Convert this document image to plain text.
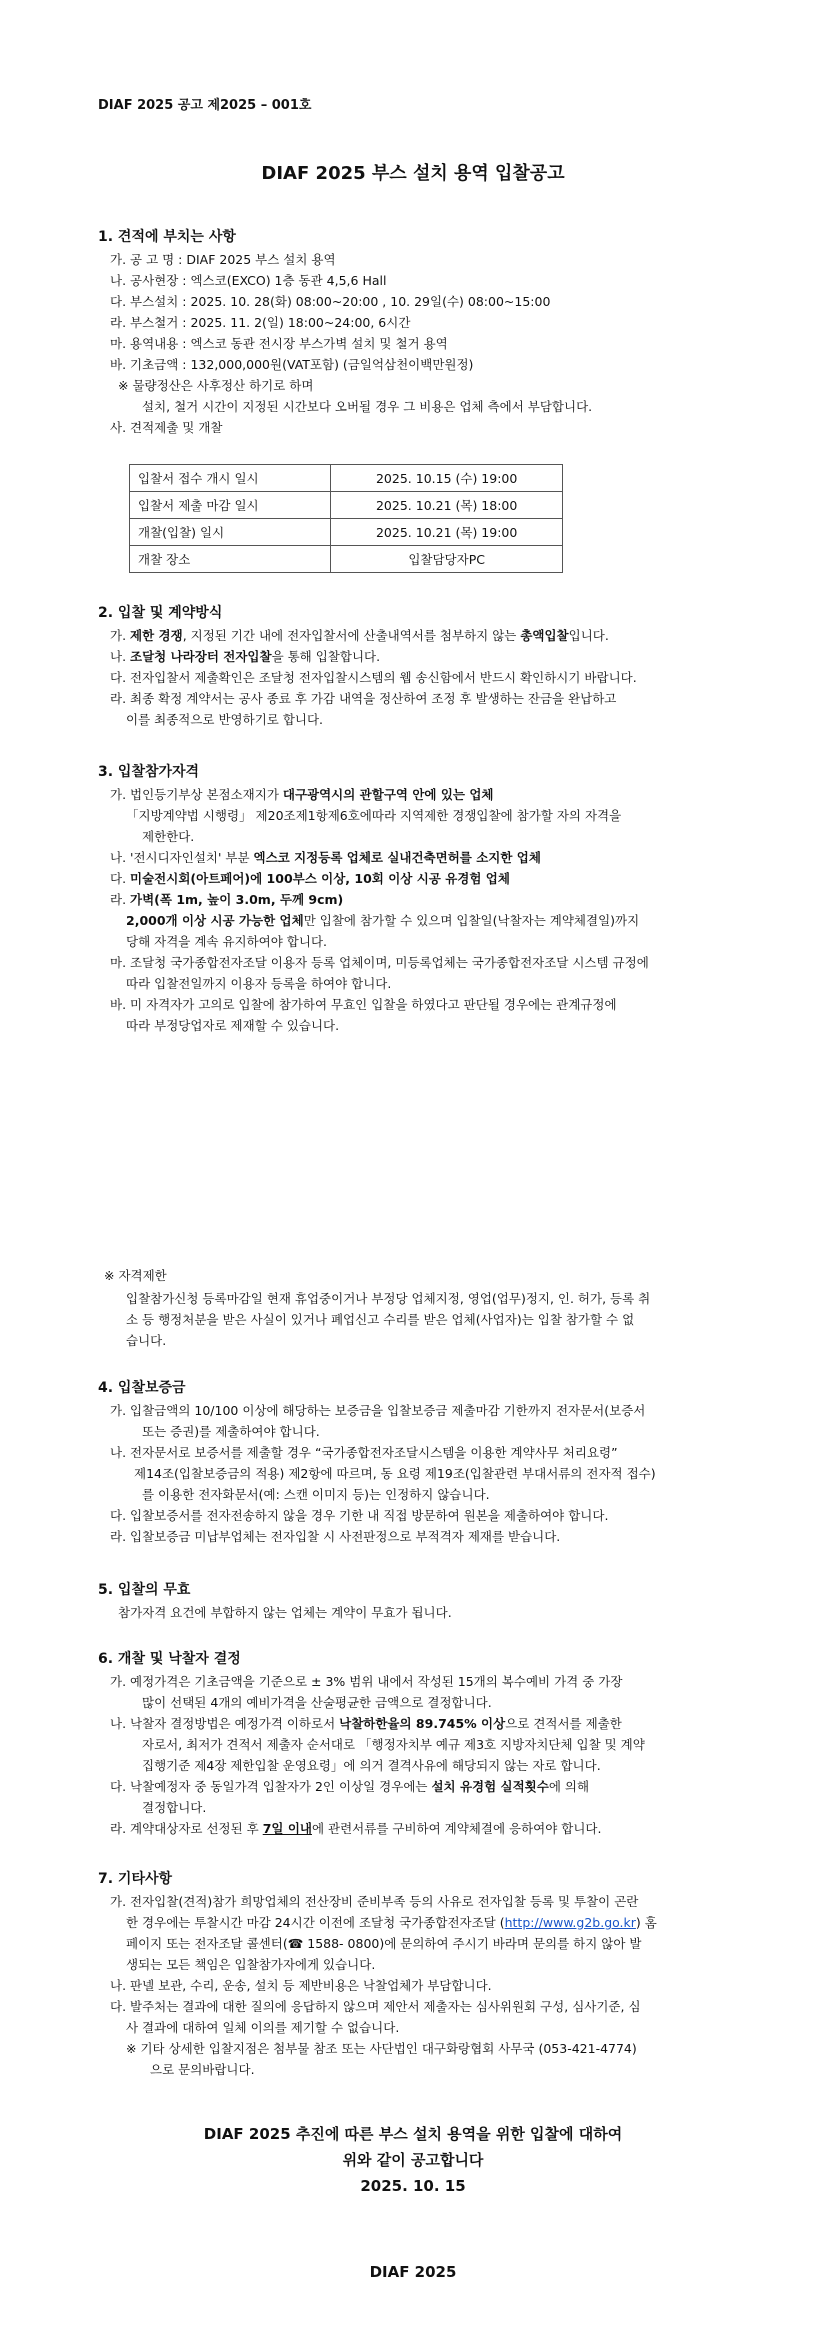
DIAF 2025 공고 제2025 – 001호
DIAF 2025 부스 설치 용역 입찰공고
1. 견적에 부치는 사항
가. 공 고 명 : DIAF 2025 부스 설치 용역
나. 공사현장 : 엑스코(EXCO) 1층 동관 4,5,6 Hall
다. 부스설치 : 2025. 10. 28(화) 08:00~20:00 , 10. 29일(수) 08:00~15:00
라. 부스철거 : 2025. 11. 2(일) 18:00~24:00, 6시간
마. 용역내용 : 엑스코 동관 전시장 부스가벽 설치 및 철거 용역
바. 기초금액 : 132,000,000원(VAT포함) (금일억삼천이백만원정)
※ 물량정산은 사후정산 하기로 하며
설치, 철거 시간이 지정된 시간보다 오버될 경우 그 비용은 업체 측에서 부담합니다.
사. 견적제출 및 개찰
입찰서 접수 개시 일시	2025. 10.15 (수) 19:00
입찰서 제출 마감 일시	2025. 10.21 (목) 18:00
개찰(입찰) 일시	2025. 10.21 (목) 19:00
개찰 장소	입찰담당자PC
2. 입찰 및 계약방식
가. 제한 경쟁, 지정된 기간 내에 전자입찰서에 산출내역서를 첨부하지 않는 총액입찰입니다.
나. 조달청 나라장터 전자입찰을 통해 입찰합니다.
다. 전자입찰서 제출확인은 조달청 전자입찰시스템의 웹 송신함에서 반드시 확인하시기 바랍니다.
라. 최종 확정 계약서는 공사 종료 후 가감 내역을 정산하여 조정 후 발생하는 잔금을 완납하고
이를 최종적으로 반영하기로 합니다.
3. 입찰참가자격
가. 법인등기부상 본점소재지가 대구광역시의 관할구역 안에 있는 업체
「지방계약법 시행령」 제20조제1항제6호에따라 지역제한 경쟁입찰에 참가할 자의 자격을
제한한다.
나. '전시디자인설치' 부분 엑스코 지정등록 업체로 실내건축면허를 소지한 업체
다. 미술전시회(아트페어)에 100부스 이상, 10회 이상 시공 유경험 업체
라. 가벽(폭 1m, 높이 3.0m, 두께 9cm)
2,000개 이상 시공 가능한 업체만 입찰에 참가할 수 있으며 입찰일(낙찰자는 계약체결일)까지
당해 자격을 계속 유지하여야 합니다.
마. 조달청 국가종합전자조달 이용자 등록 업체이며, 미등록업체는 국가종합전자조달 시스템 규정에
따라 입찰전일까지 이용자 등록을 하여야 합니다.
바. 미 자격자가 고의로 입찰에 참가하여 무효인 입찰을 하였다고 판단될 경우에는 관계규정에
따라 부정당업자로 제재할 수 있습니다.
※ 자격제한
입찰참가신청 등록마감일 현재 휴업중이거나 부정당 업체지정, 영업(업무)정지, 인. 허가, 등록 취
소 등 행정처분을 받은 사실이 있거나 폐업신고 수리를 받은 업체(사업자)는 입찰 참가할 수 없
습니다.
4. 입찰보증금
가. 입찰금액의 10/100 이상에 해당하는 보증금을 입찰보증금 제출마감 기한까지 전자문서(보증서
또는 증권)를 제출하여야 합니다.
나. 전자문서로 보증서를 제출할 경우 “국가종합전자조달시스템을 이용한 계약사무 처리요령”
제14조(입찰보증금의 적용) 제2항에 따르며, 동 요령 제19조(입찰관련 부대서류의 전자적 접수)
를 이용한 전자화문서(예: 스캔 이미지 등)는 인정하지 않습니다.
다. 입찰보증서를 전자전송하지 않을 경우 기한 내 직접 방문하여 원본을 제출하여야 합니다.
라. 입찰보증금 미납부업체는 전자입찰 시 사전판정으로 부적격자 제재를 받습니다.
5. 입찰의 무효
참가자격 요건에 부합하지 않는 업체는 계약이 무효가 됩니다.
6. 개찰 및 낙찰자 결정
가. 예정가격은 기초금액을 기준으로 ± 3% 범위 내에서 작성된 15개의 복수예비 가격 중 가장
많이 선택된 4개의 예비가격을 산술평균한 금액으로 결정합니다.
나. 낙찰자 결정방법은 예정가격 이하로서 낙찰하한율의 89.745% 이상으로 견적서를 제출한
자로서, 최저가 견적서 제출자 순서대로 「행정자치부 예규 제3호 지방자치단체 입찰 및 계약
집행기준 제4장 제한입찰 운영요령」에 의거 결격사유에 해당되지 않는 자로 합니다.
다. 낙찰예정자 중 동일가격 입찰자가 2인 이상일 경우에는 설치 유경험 실적횟수에 의해
결정합니다.
라. 계약대상자로 선정된 후 7일 이내에 관련서류를 구비하여 계약체결에 응하여야 합니다.
7. 기타사항
가. 전자입찰(견적)참가 희망업체의 전산장비 준비부족 등의 사유로 전자입찰 등록 및 투찰이 곤란
한 경우에는 투찰시간 마감 24시간 이전에 조달청 국가종합전자조달 (http://www.g2b.go.kr) 홈
페이지 또는 전자조달 콜센터(☎ 1588- 0800)에 문의하여 주시기 바라며 문의를 하지 않아 발
생되는 모든 책임은 입찰참가자에게 있습니다.
나. 판넬 보관, 수리, 운송, 설치 등 제반비용은 낙찰업체가 부담합니다.
다. 발주처는 결과에 대한 질의에 응답하지 않으며 제안서 제출자는 심사위원회 구성, 심사기준, 심
사 결과에 대하여 일체 이의를 제기할 수 없습니다.
※ 기타 상세한 입찰지점은 첨부물 참조 또는 사단법인 대구화랑협회 사무국 (053-421-4774)
으로 문의바랍니다.
DIAF 2025 추진에 따른 부스 설치 용역을 위한 입찰에 대하여
위와 같이 공고합니다
2025. 10. 15
DIAF 2025
